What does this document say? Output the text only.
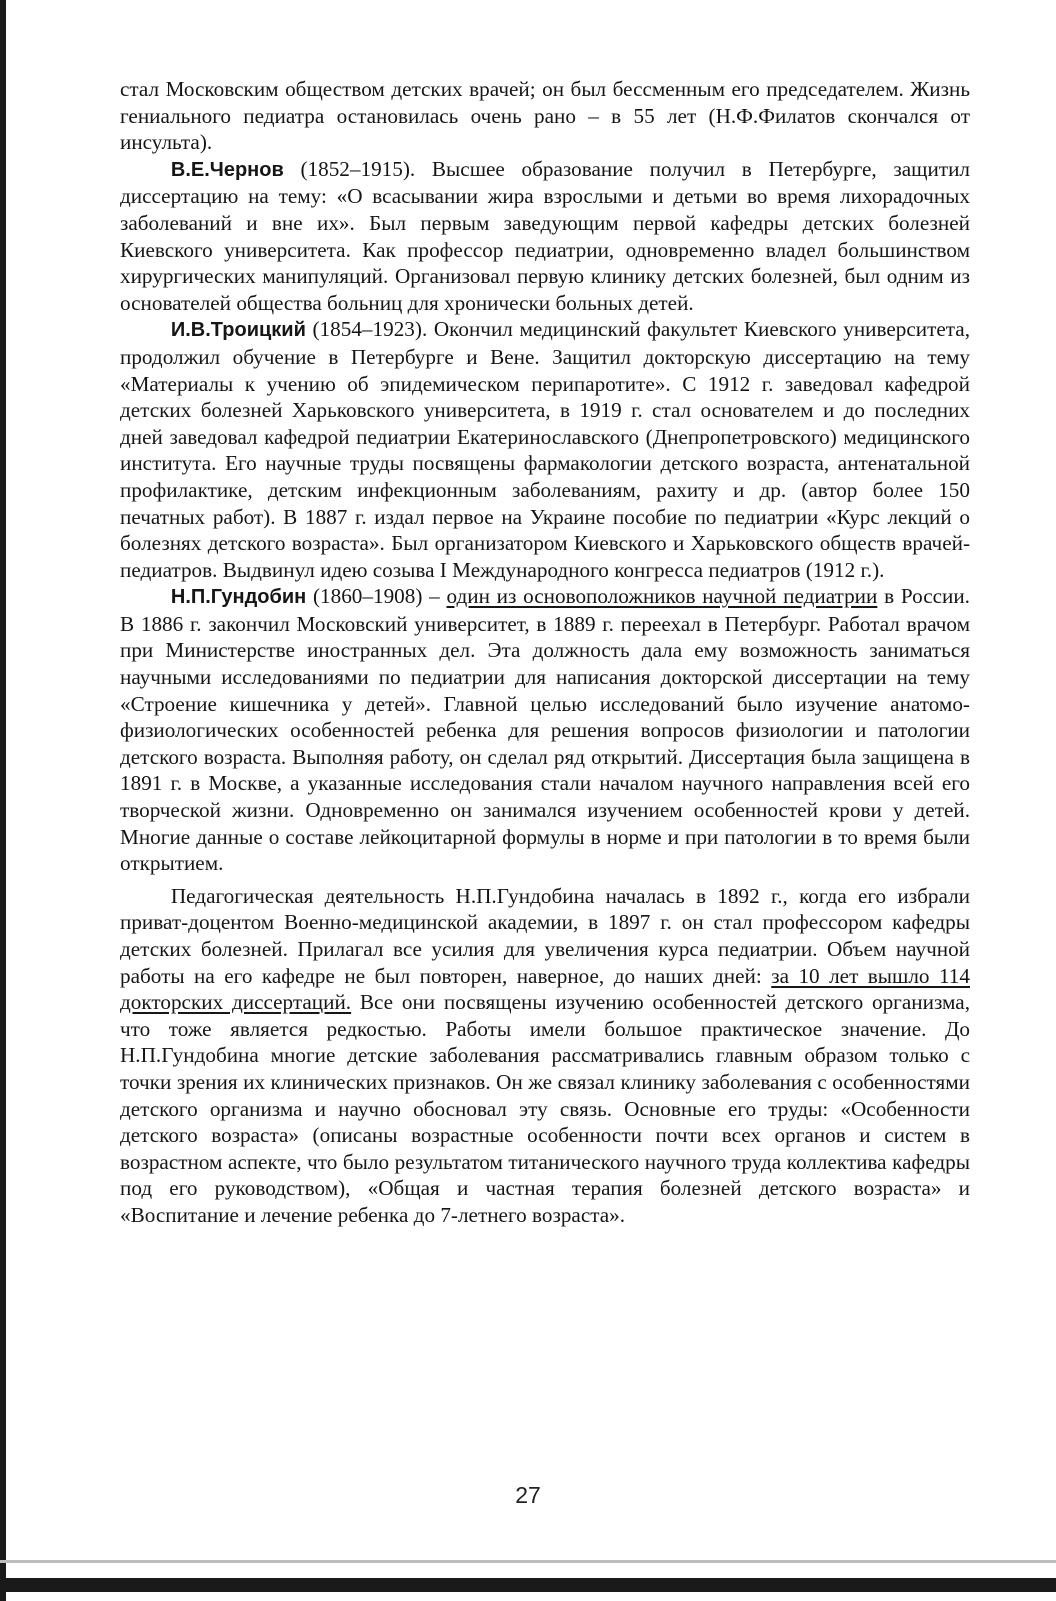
стал Московским обществом детских врачей; он был бессменным его председателем. Жизнь гениального педиатра остановилась очень рано – в 55 лет (Н.Ф.Филатов скончался от инсульта).

В.Е.Чернов (1852–1915). Высшее образование получил в Петербурге, защитил диссертацию на тему: «О всасывании жира взрослыми и детьми во время лихорадочных заболеваний и вне их». Был первым заведующим первой кафедры детских болезней Киевского университета. Как профессор педиатрии, одновременно владел большинством хирургических манипуляций. Организовал первую клинику детских болезней, был одним из основателей общества больниц для хронически больных детей.

И.В.Троицкий (1854–1923). Окончил медицинский факультет Киевского университета, продолжил обучение в Петербурге и Вене. Защитил докторскую диссертацию на тему «Материалы к учению об эпидемическом перипаротите». С 1912 г. заведовал кафедрой детских болезней Харьковского университета, в 1919 г. стал основателем и до последних дней заведовал кафедрой педиатрии Екатеринославского (Днепропетровского) медицинского института. Его научные труды посвящены фармакологии детского возраста, антенатальной профилактике, детским инфекционным заболеваниям, рахиту и др. (автор более 150 печатных работ). В 1887 г. издал первое на Украине пособие по педиатрии «Курс лекций о болезнях детского возраста». Был организатором Киевского и Харьковского обществ врачей-педиатров. Выдвинул идею созыва I Международного конгресса педиатров (1912 г.).

Н.П.Гундобин (1860–1908) – один из основоположников научной педиатрии в России. В 1886 г. закончил Московский университет, в 1889 г. переехал в Петербург. Работал врачом при Министерстве иностранных дел. Эта должность дала ему возможность заниматься научными исследованиями по педиатрии для написания докторской диссертации на тему «Строение кишечника у детей». Главной целью исследований было изучение анатомо-физиологических особенностей ребенка для решения вопросов физиологии и патологии детского возраста. Выполняя работу, он сделал ряд открытий. Диссертация была защищена в 1891 г. в Москве, а указанные исследования стали началом научного направления всей его творческой жизни. Одновременно он занимался изучением особенностей крови у детей. Многие данные о составе лейкоцитарной формулы в норме и при патологии в то время были открытием.

Педагогическая деятельность Н.П.Гундобина началась в 1892 г., когда его избрали приват-доцентом Военно-медицинской академии, в 1897 г. он стал профессором кафедры детских болезней. Прилагал все усилия для увеличения курса педиатрии. Объем научной работы на его кафедре не был повторен, наверное, до наших дней: за 10 лет вышло 114 докторских диссертаций. Все они посвящены изучению особенностей детского организма, что тоже является редкостью. Работы имели большое практическое значение. До Н.П.Гундобина многие детские заболевания рассматривались главным образом только с точки зрения их клинических признаков. Он же связал клинику заболевания с особенностями детского организма и научно обосновал эту связь. Основные его труды: «Особенности детского возраста» (описаны возрастные особенности почти всех органов и систем в возрастном аспекте, что было результатом титанического научного труда коллектива кафедры под его руководством), «Общая и частная терапия болезней детского возраста» и «Воспитание и лечение ребенка до 7-летнего возраста».

27
